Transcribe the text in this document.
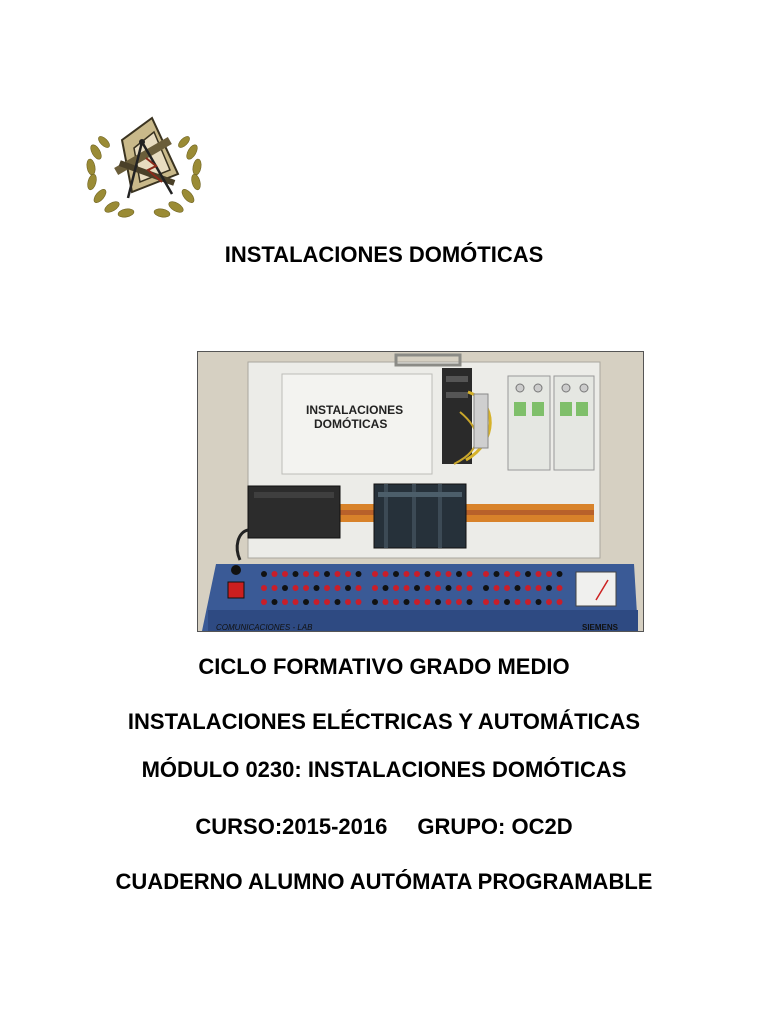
INSTALACIONES DOMÓTICAS
INSTALACIONES
DOMÓTICAS
COMUNICACIONES - LAB	SIEMENS
CICLO FORMATIVO GRADO MEDIO
INSTALACIONES ELÉCTRICAS Y AUTOMÁTICAS
MÓDULO 0230: INSTALACIONES DOMÓTICAS
CURSO:2015-2016 GRUPO: OC2D
CUADERNO ALUMNO AUTÓMATA PROGRAMABLE
